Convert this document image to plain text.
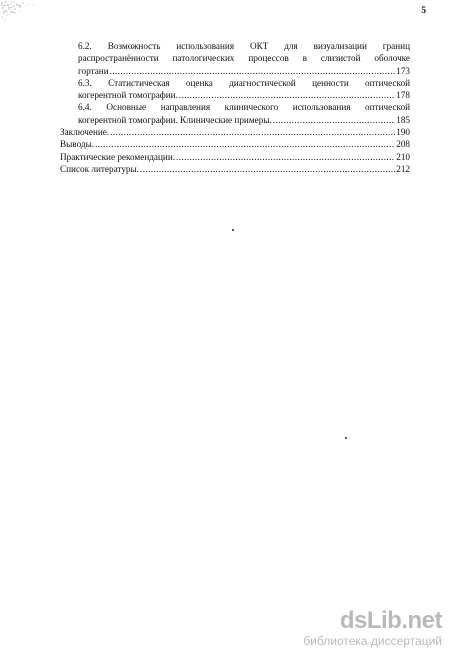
5
6.2. Возможность использования ОКТ для визуализации границ
распространённости патологических процессов в слизистой оболочке
гортани .....	173
6.3. Статистическая оценка диагностической ценности оптической
когерентной томографии. .....	178
6.4. Основные направления клинического использования оптической
когерентной томографии. Клинические примеры. .....	185
Заключение. .....	190
Выводы. .....	208
Практические рекомендации. .....	210
Список литературы. .....	212
dsLib.net
библиотека диссертаций
